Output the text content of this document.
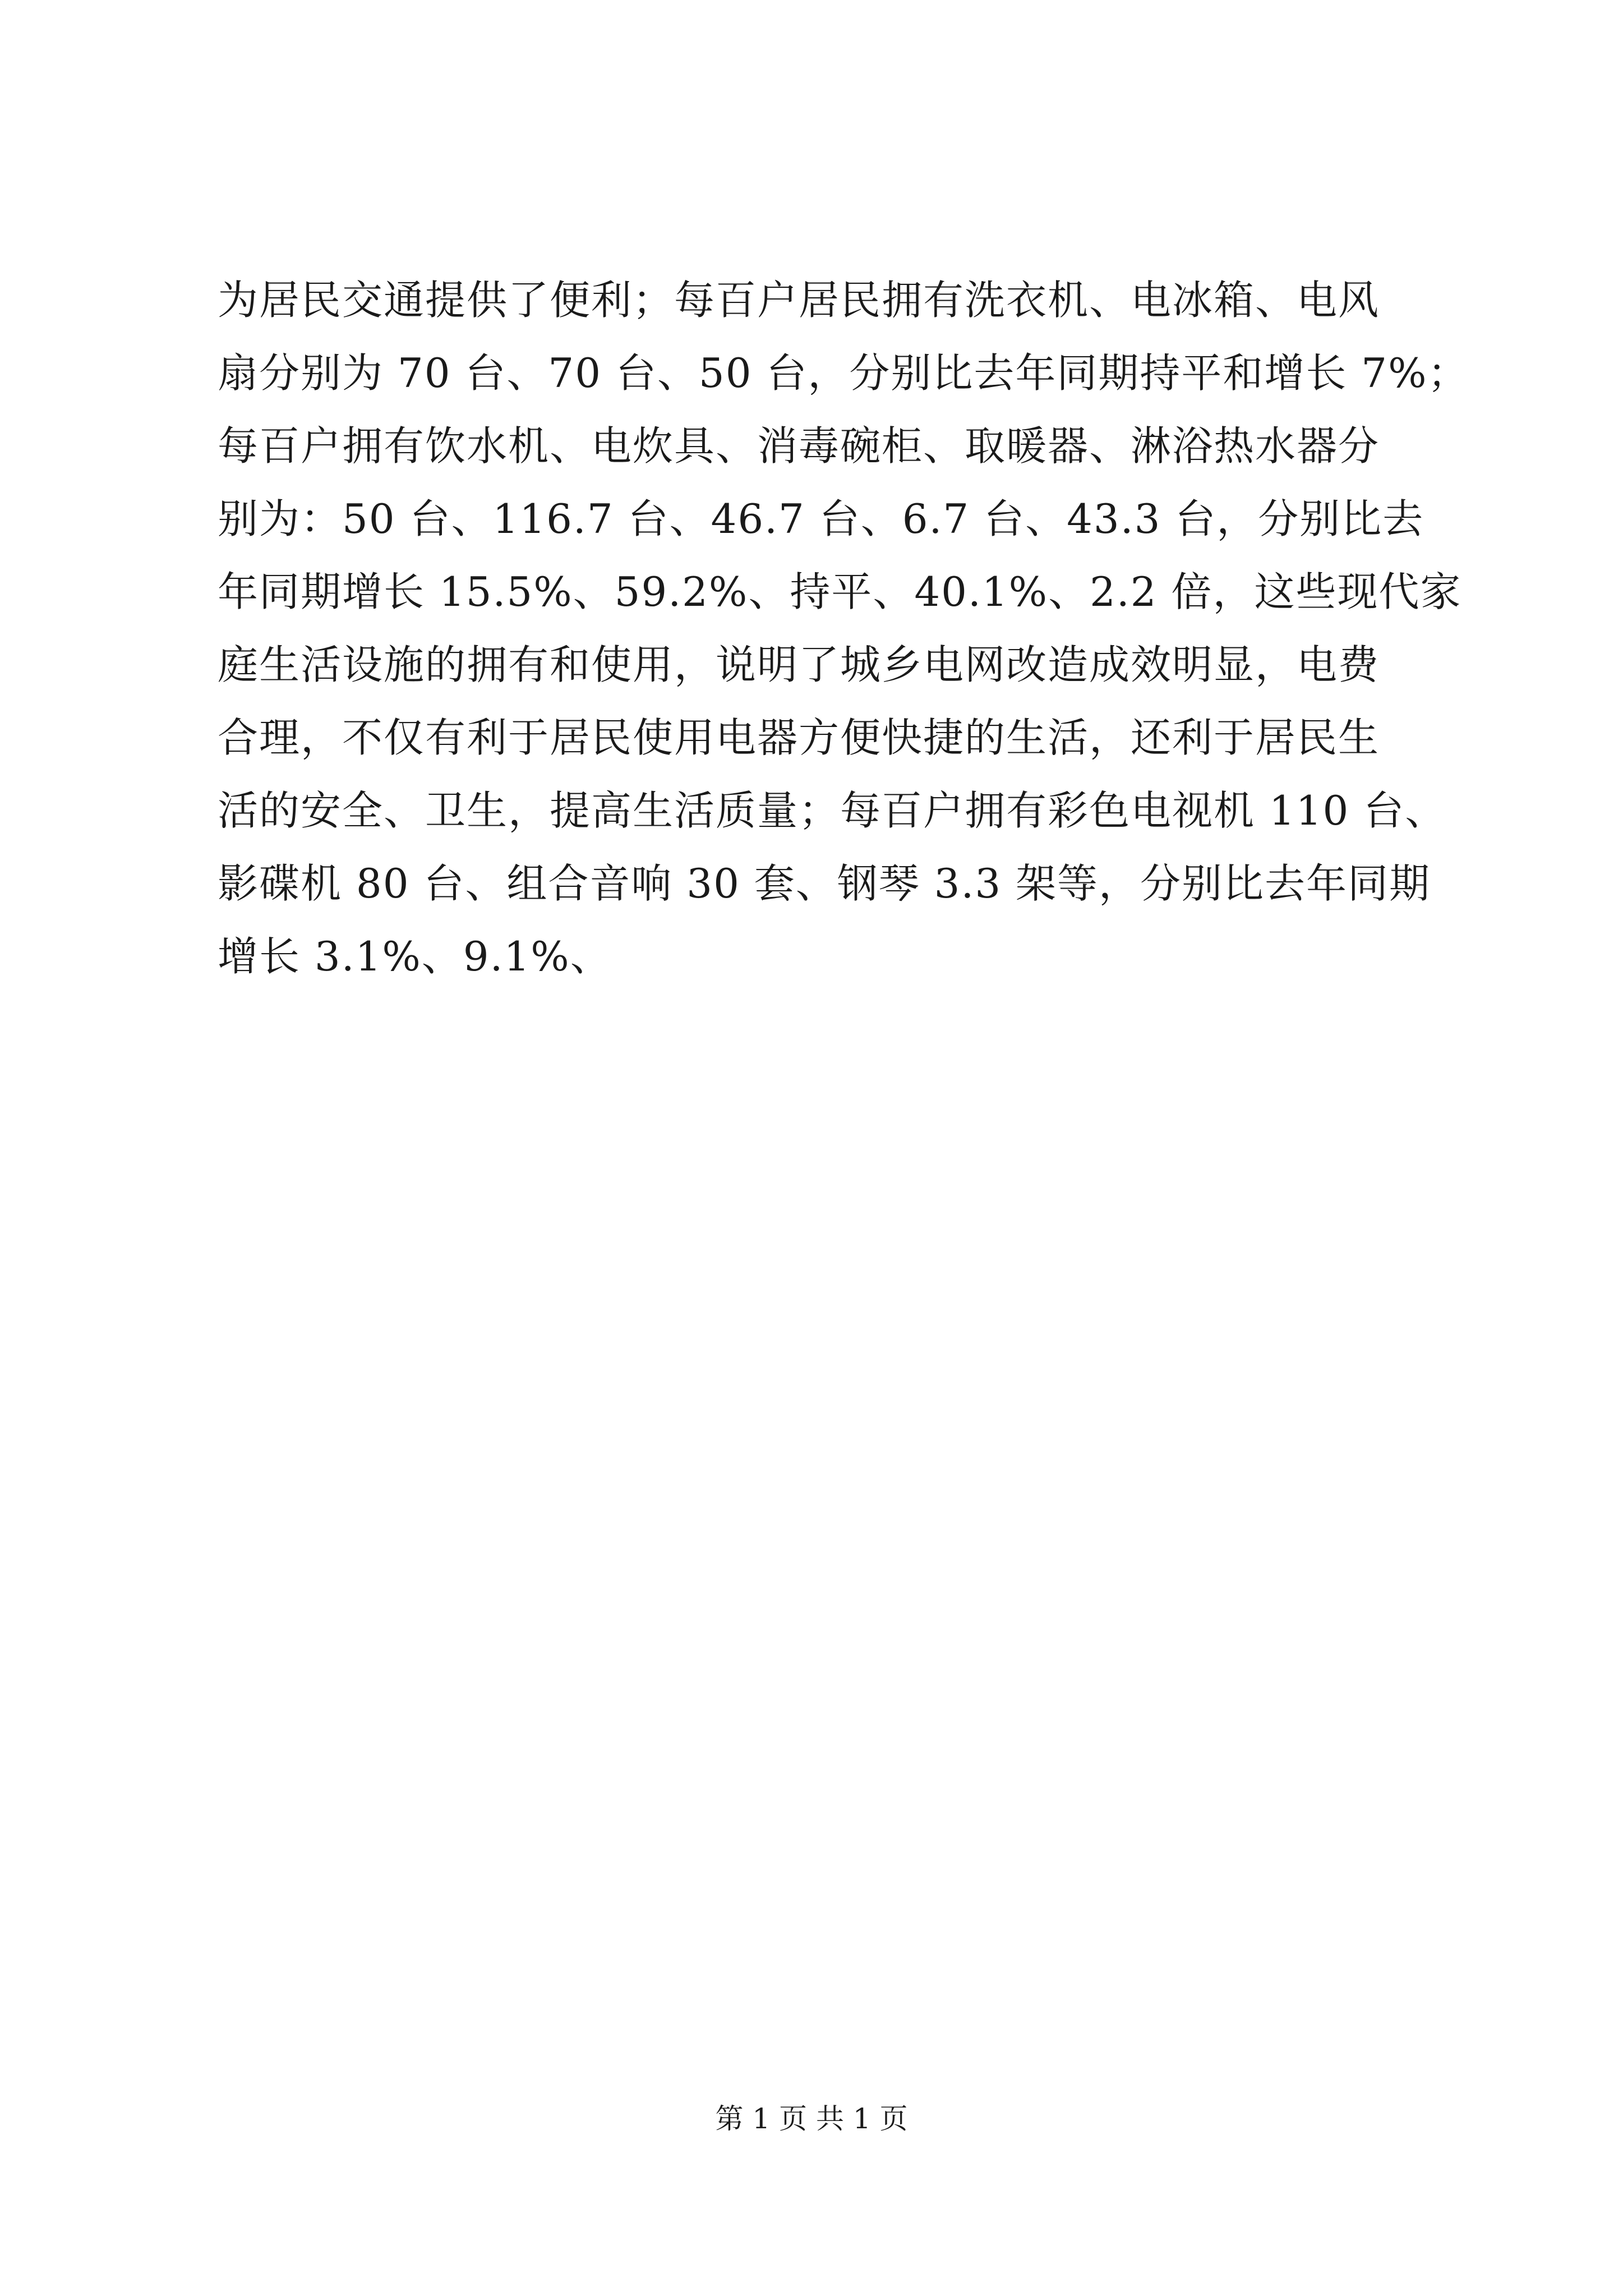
为居民交通提供了便利；每百户居民拥有洗衣机、电冰箱、电风
扇分别为 70 台、70 台、50 台，分别比去年同期持平和增长 7%；
每百户拥有饮水机、电炊具、消毒碗柜、取暖器、淋浴热水器分
别为：50 台、116.7 台、46.7 台、6.7 台、43.3 台，分别比去
年同期增长 15.5%、59.2%、持平、40.1%、2.2 倍，这些现代家
庭生活设施的拥有和使用，说明了城乡电网改造成效明显，电费
合理，不仅有利于居民使用电器方便快捷的生活，还利于居民生
活的安全、卫生，提高生活质量；每百户拥有彩色电视机 110 台、
影碟机 80 台、组合音响 30 套、钢琴 3.3 架等，分别比去年同期
增长 3.1%、9.1%、
第 1 页 共 1 页
